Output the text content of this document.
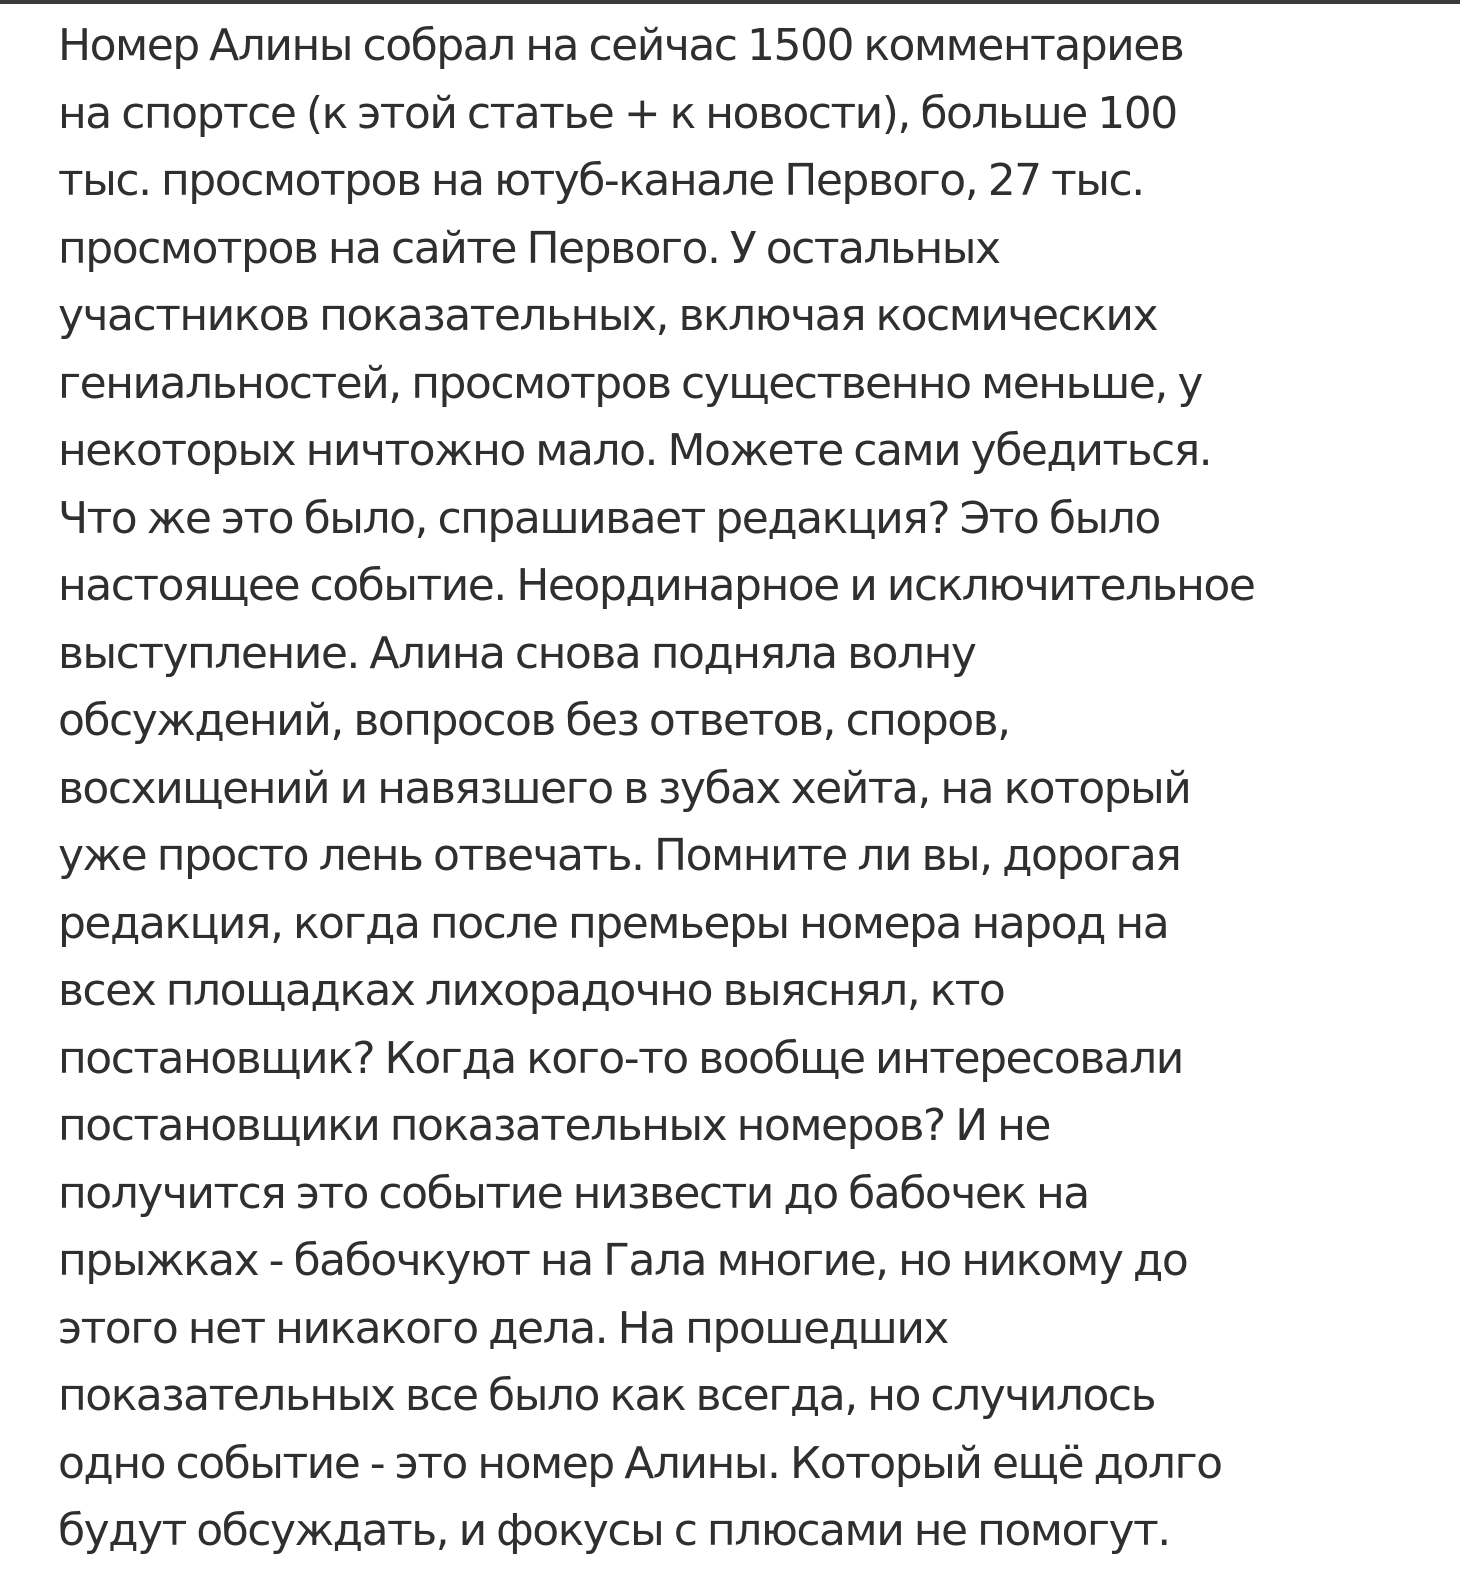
Номер Алины собрал на сейчас 1500 комментариев
на спортсе (к этой статье + к новости), больше 100
тыс. просмотров на ютуб-канале Первого, 27 тыс.
просмотров на сайте Первого. У остальных
участников показательных, включая космических
гениальностей, просмотров существенно меньше, у
некоторых ничтожно мало. Можете сами убедиться.
Что же это было, спрашивает редакция? Это было
настоящее событие. Неординарное и исключительное
выступление. Алина снова подняла волну
обсуждений, вопросов без ответов, споров,
восхищений и навязшего в зубах хейта, на который
уже просто лень отвечать. Помните ли вы, дорогая
редакция, когда после премьеры номера народ на
всех площадках лихорадочно выяснял, кто
постановщик? Когда кого-то вообще интересовали
постановщики показательных номеров? И не
получится это событие низвести до бабочек на
прыжках - бабочкуют на Гала многие, но никому до
этого нет никакого дела. На прошедших
показательных все было как всегда, но случилось
одно событие - это номер Алины. Который ещё долго
будут обсуждать, и фокусы с плюсами не помогут.
